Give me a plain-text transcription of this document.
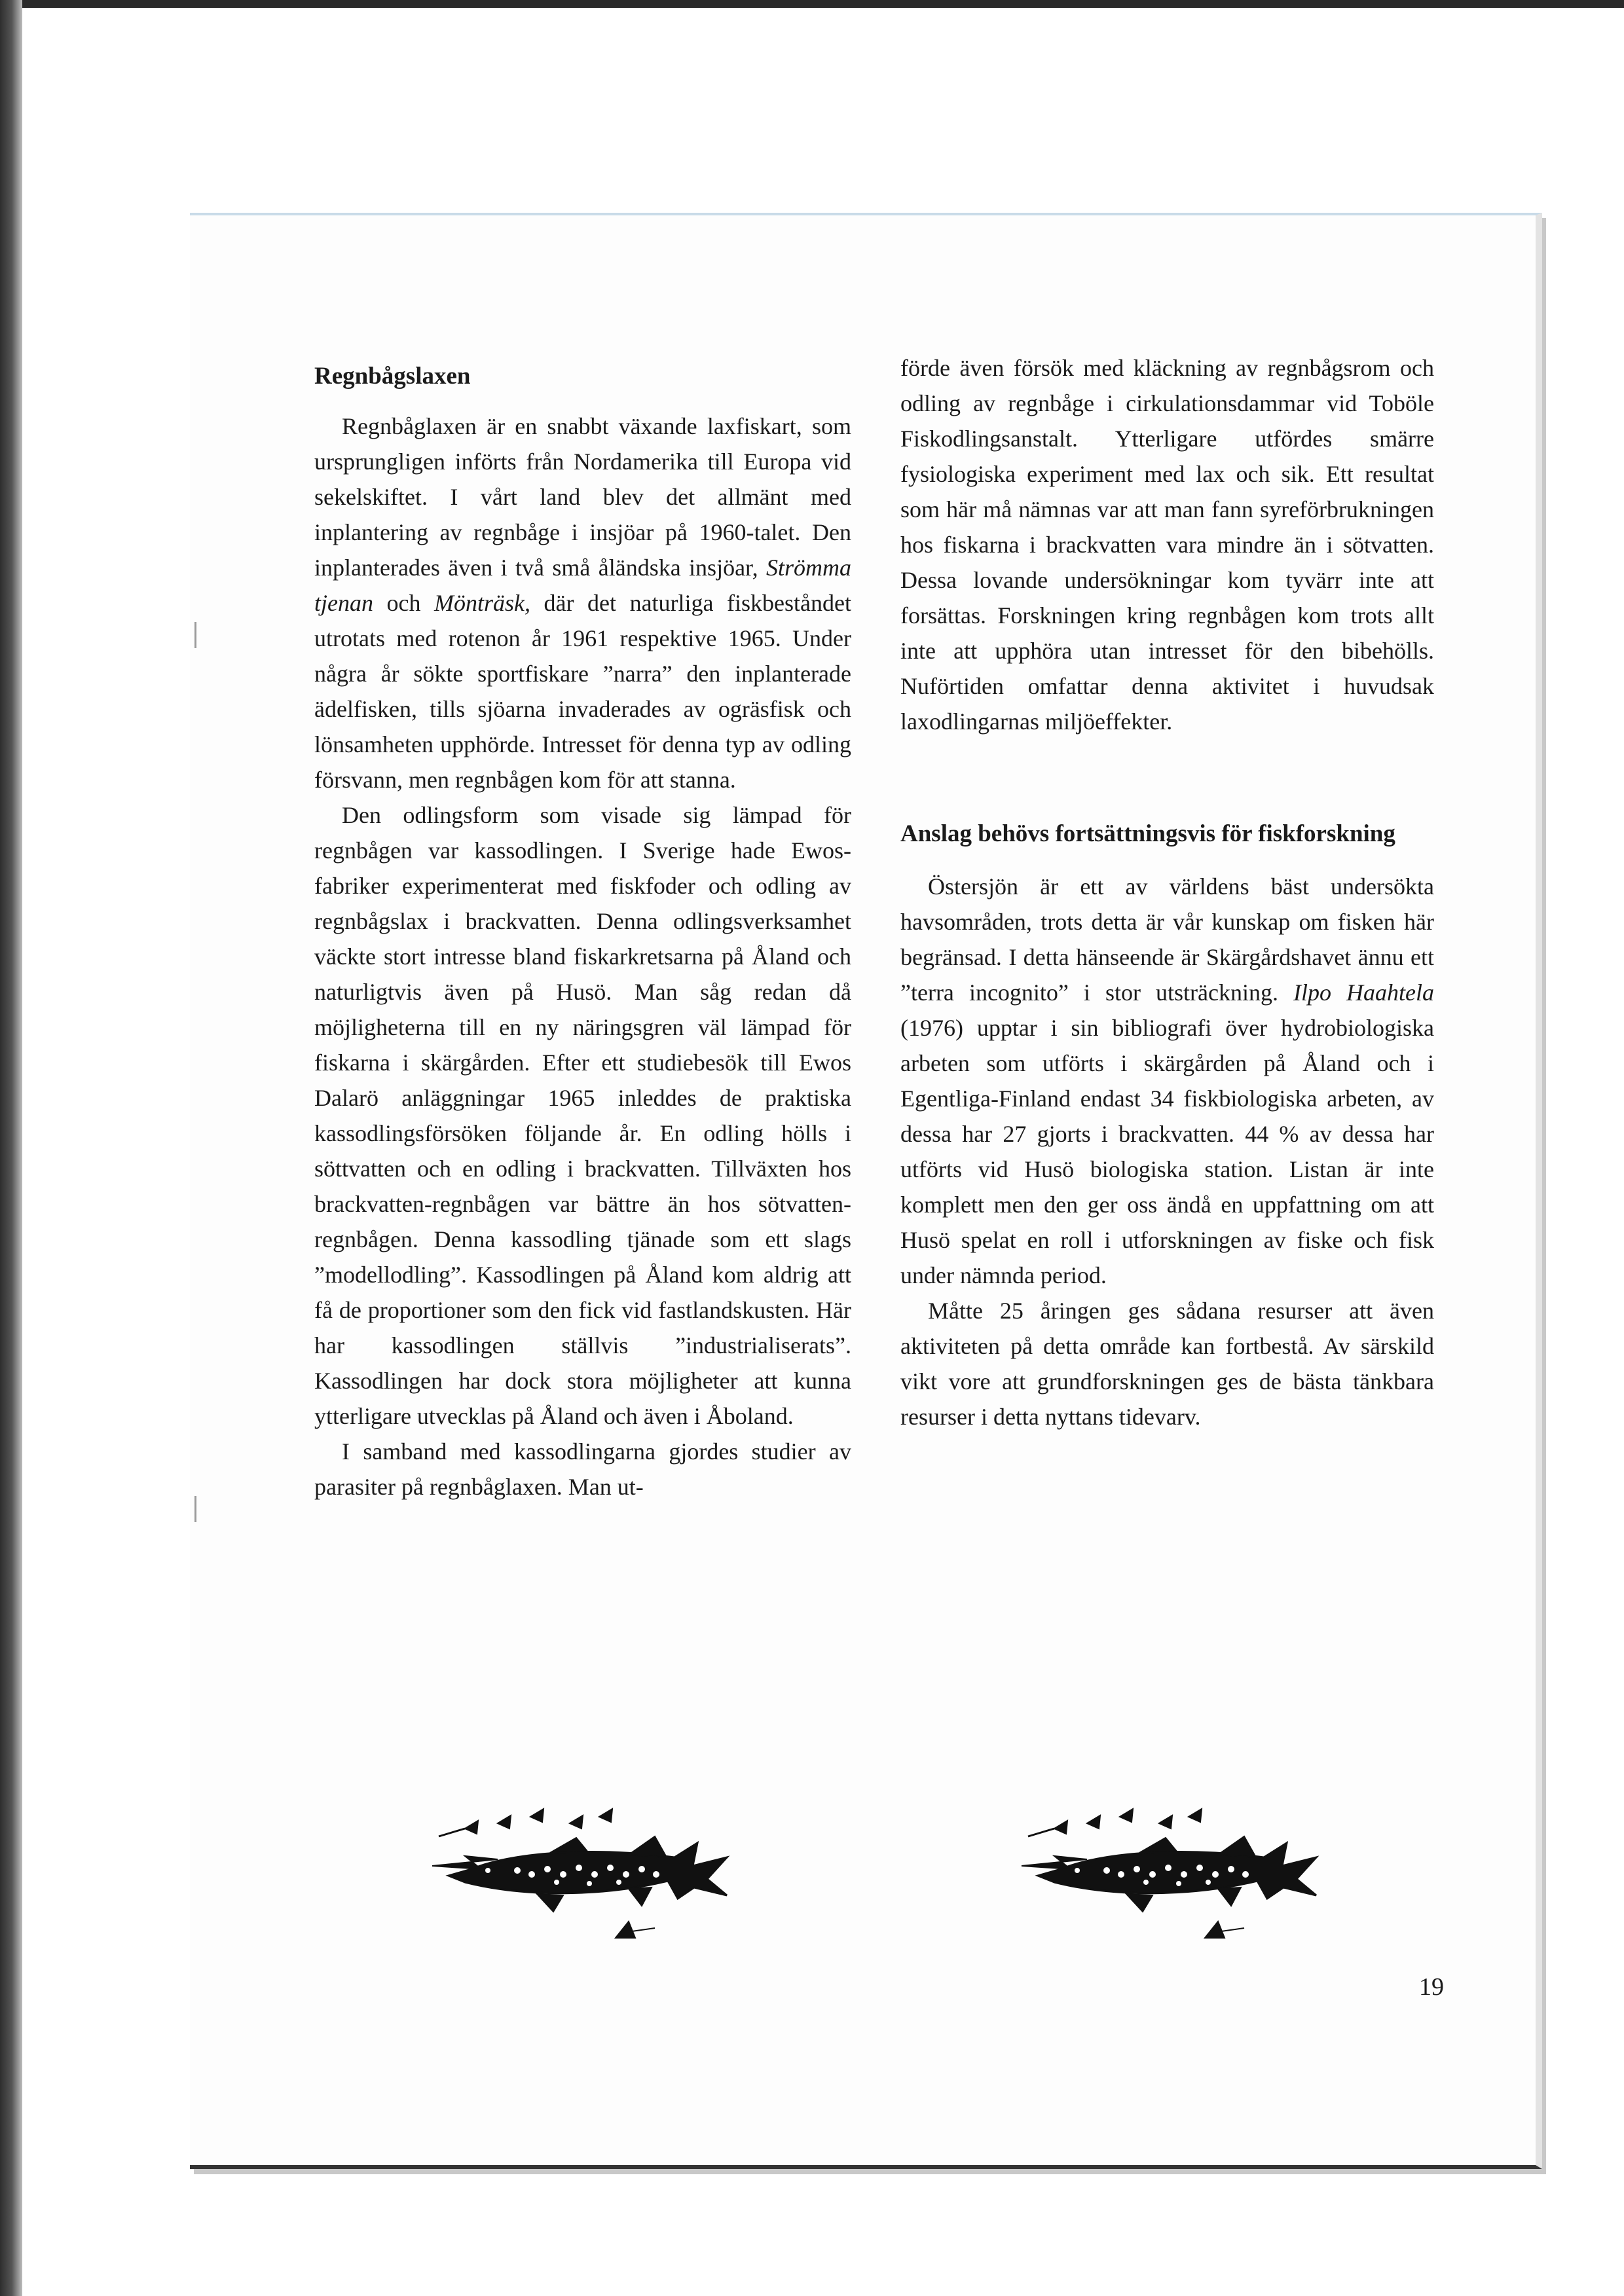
Regnbågslaxen

Regnbåglaxen är en snabbt växande laxfiskart, som ursprungligen införts från Nordamerika till Europa vid sekelskiftet. I vårt land blev det allmänt med inplantering av regnbåge i insjöar på 1960-talet. Den inplanterades även i två små åländska insjöar, Strömma tjenan och Mönträsk, där det naturliga fiskbeståndet utrotats med rotenon år 1961 respektive 1965. Under några år sökte sportfiskare ”narra” den inplanterade ädelfisken, tills sjöarna invaderades av ogräsfisk och lönsamheten upphörde. Intresset för denna typ av odling försvann, men regnbågen kom för att stanna.

Den odlingsform som visade sig lämpad för regnbågen var kassodlingen. I Sverige hade Ewos-fabriker experimenterat med fiskfoder och odling av regnbågslax i brackvatten. Denna odlingsverksamhet väckte stort intresse bland fiskarkretsarna på Åland och naturligtvis även på Husö. Man såg redan då möjligheterna till en ny näringsgren väl lämpad för fiskarna i skärgården. Efter ett studiebesök till Ewos Dalarö anläggningar 1965 inleddes de praktiska kassodlingsförsöken följande år. En odling hölls i söttvatten och en odling i brackvatten. Tillväxten hos brackvatten-regnbågen var bättre än hos sötvatten-regnbågen. Denna kassodling tjänade som ett slags ”modellodling”. Kassodlingen på Åland kom aldrig att få de proportioner som den fick vid fastlandskusten. Här har kassodlingen ställvis ”industrialiserats”. Kassodlingen har dock stora möjligheter att kunna ytterligare utvecklas på Åland och även i Åboland.

I samband med kassodlingarna gjordes studier av parasiter på regnbåglaxen. Man ut-

förde även försök med kläckning av regnbågsrom och odling av regnbåge i cirkulationsdammar vid Toböle Fiskodlingsanstalt. Ytterligare utfördes smärre fysiologiska experiment med lax och sik. Ett resultat som här må nämnas var att man fann syreförbrukningen hos fiskarna i brackvatten vara mindre än i sötvatten. Dessa lovande undersökningar kom tyvärr inte att forsättas. Forskningen kring regnbågen kom trots allt inte att upphöra utan intresset för den bibehölls. Nuförtiden omfattar denna aktivitet i huvudsak laxodlingarnas miljöeffekter.

Anslag behövs fortsättningsvis för fiskforskning

Östersjön är ett av världens bäst undersökta havsområden, trots detta är vår kunskap om fisken här begränsad. I detta hänseende är Skärgårdshavet ännu ett ”terra incognito” i stor utsträckning. Ilpo Haahtela (1976) upptar i sin bibliografi över hydrobiologiska arbeten som utförts i skärgården på Åland och i Egentliga-Finland endast 34 fiskbiologiska arbeten, av dessa har 27 gjorts i brackvatten. 44 % av dessa har utförts vid Husö biologiska station. Listan är inte komplett men den ger oss ändå en uppfattning om att Husö spelat en roll i utforskningen av fiske och fisk under nämnda period.

Måtte 25 åringen ges sådana resurser att även aktiviteten på detta område kan fortbestå. Av särskild vikt vore att grundforskningen ges de bästa tänkbara resurser i detta nyttans tidevarv.

19
